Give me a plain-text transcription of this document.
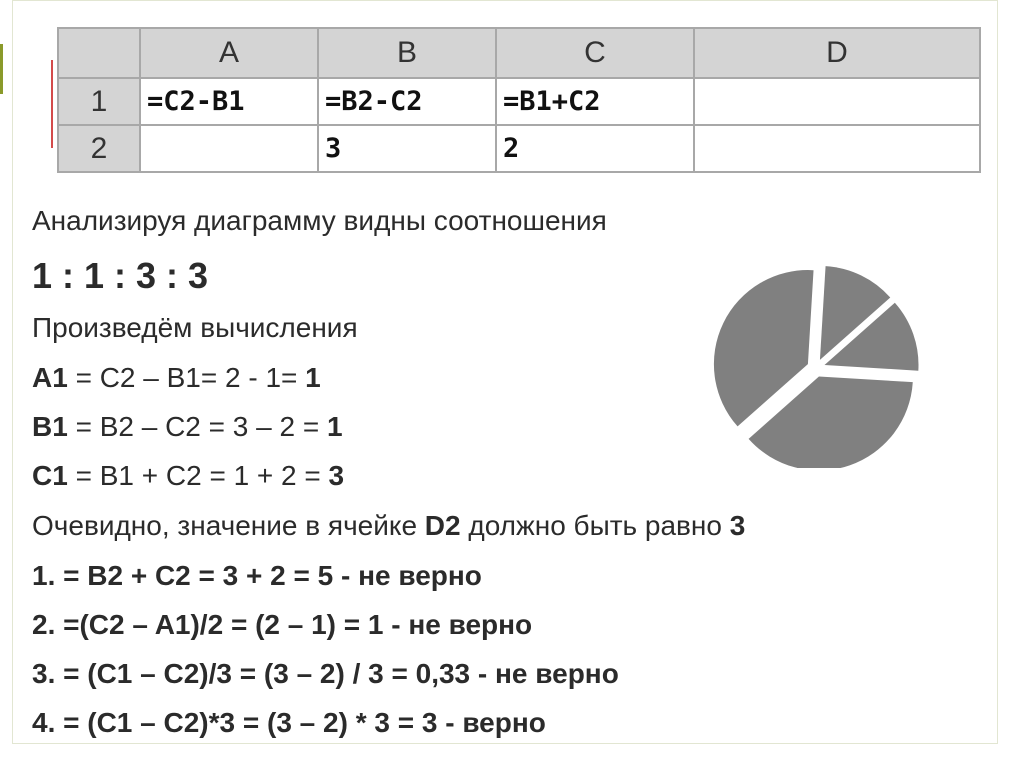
	A	B	C	D
1	=C2-B1	=B2-C2	=B1+C2	
2		3	2	
Анализируя диаграмму видны соотношения
1 : 1 : 3 : 3
Произведём вычисления
A1 = C2 – B1= 2 - 1= 1
B1 = B2 – C2 = 3 – 2 = 1
C1 = B1 + C2 = 1 + 2 = 3
Очевидно, значение в ячейке D2 должно быть равно 3
1. = B2 + C2 = 3 + 2 = 5 - не верно
2. =(C2 – A1)/2 = (2 – 1) = 1 - не верно
3. = (C1 – C2)/3 = (3 – 2) / 3 = 0,33 - не верно
4. = (C1 – C2)*3 = (3 – 2) * 3 = 3 - верно
